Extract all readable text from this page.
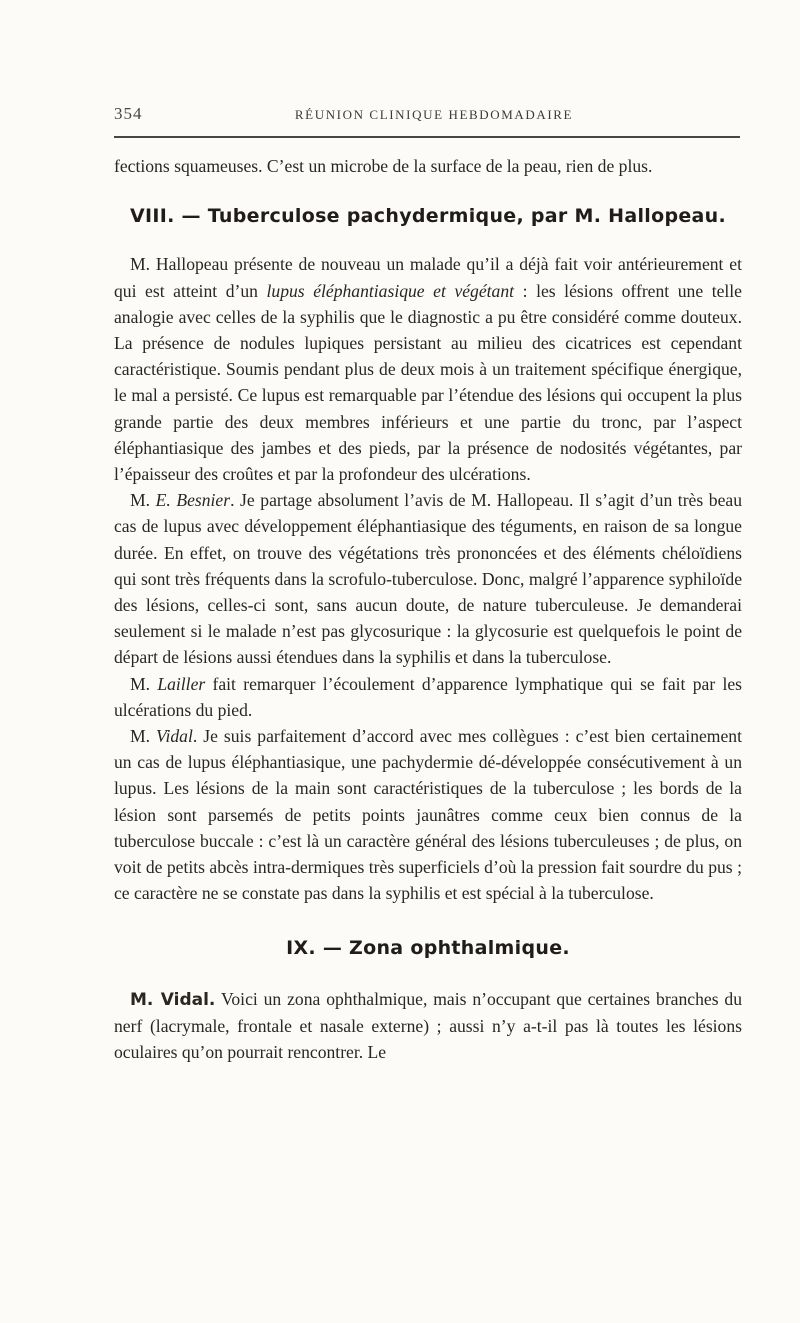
354	RÉUNION CLINIQUE HEBDOMADAIRE

fections squameuses. C’est un microbe de la surface de la peau, rien de plus.

VIII. — Tuberculose pachydermique, par M. Hallopeau.

M. Hallopeau présente de nouveau un malade qu’il a déjà fait voir antérieurement et qui est atteint d’un lupus éléphantiasique et végétant : les lésions offrent une telle analogie avec celles de la syphilis que le diagnostic a pu être considéré comme douteux. La présence de nodules lupiques persistant au milieu des cicatrices est cependant caractéristique. Soumis pendant plus de deux mois à un traitement spécifique énergique, le mal a persisté. Ce lupus est remarquable par l’étendue des lésions qui occupent la plus grande partie des deux membres inférieurs et une partie du tronc, par l’aspect éléphantiasique des jambes et des pieds, par la présence de nodosités végétantes, par l’épaisseur des croûtes et par la profondeur des ulcérations.

M. E. Besnier. Je partage absolument l’avis de M. Hallopeau. Il s’agit d’un très beau cas de lupus avec développement éléphantiasique des téguments, en raison de sa longue durée. En effet, on trouve des végétations très prononcées et des éléments chéloïdiens qui sont très fréquents dans la scrofulo-tuberculose. Donc, malgré l’apparence syphiloïde des lésions, celles-ci sont, sans aucun doute, de nature tuberculeuse. Je demanderai seulement si le malade n’est pas glycosurique : la glycosurie est quelquefois le point de départ de lésions aussi étendues dans la syphilis et dans la tuberculose.

M. Lailler fait remarquer l’écoulement d’apparence lymphatique qui se fait par les ulcérations du pied.

M. Vidal. Je suis parfaitement d’accord avec mes collègues : c’est bien certainement un cas de lupus éléphantiasique, une pachydermie dé-développée consécutivement à un lupus. Les lésions de la main sont caractéristiques de la tuberculose ; les bords de la lésion sont parsemés de petits points jaunâtres comme ceux bien connus de la tuberculose buccale : c’est là un caractère général des lésions tuberculeuses ; de plus, on voit de petits abcès intra-dermiques très superficiels d’où la pression fait sourdre du pus ; ce caractère ne se constate pas dans la syphilis et est spécial à la tuberculose.

IX. — Zona ophthalmique.

M. Vidal. Voici un zona ophthalmique, mais n’occupant que certaines branches du nerf (lacrymale, frontale et nasale externe) ; aussi n’y a-t-il pas là toutes les lésions oculaires qu’on pourrait rencontrer. Le
